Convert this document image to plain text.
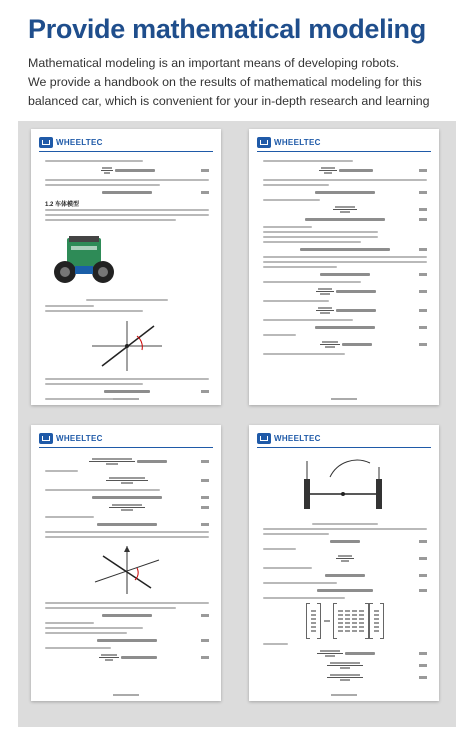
Provide mathematical modeling

Mathematical modeling is an important means of developing robots.
We provide a handbook on the results of mathematical modeling for this
balanced car, which is convenient for your in-depth research and learning

WHEELTEC
1.2 车体模型
WHEELTEC
WHEELTEC	WHEELTEC
